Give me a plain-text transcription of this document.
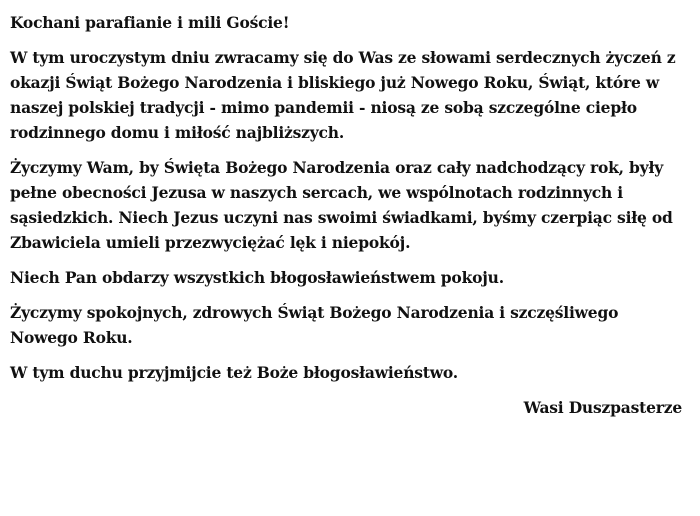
Kochani parafianie i mili Goście!

W tym uroczystym dniu zwracamy się do Was ze słowami serdecznych życzeń z okazji Świąt Bożego Narodzenia i bliskiego już Nowego Roku, Świąt, które w naszej polskiej tradycji - mimo pandemii - niosą ze sobą szczególne ciepło rodzinnego domu i miłość najbliższych.

Życzymy Wam, by Święta Bożego Narodzenia oraz cały nadchodzący rok, były pełne obecności Jezusa w naszych sercach, we wspólnotach rodzinnych i sąsiedzkich. Niech Jezus uczyni nas swoimi świadkami, byśmy czerpiąc siłę od Zbawiciela umieli przezwyciężać lęk i niepokój.

Niech Pan obdarzy wszystkich błogosławieństwem pokoju.

Życzymy spokojnych, zdrowych Świąt Bożego Narodzenia i szczęśliwego Nowego Roku.

W tym duchu przyjmijcie też Boże błogosławieństwo.

Wasi Duszpasterze
